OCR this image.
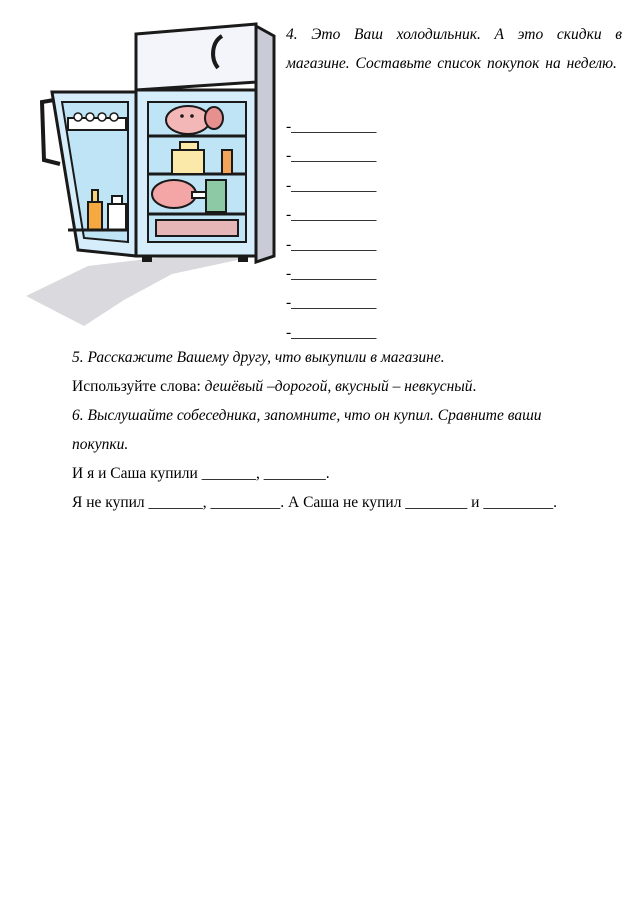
4. Это Ваш холодильник. А это скидки в магазине. Составьте список покупок на неделю.

-___________
-___________
-___________
-___________
-___________
-___________
-___________
-___________

5. Расскажите Вашему другу, что выкупили в магазине.

Используйте слова: дешёвый –дорогой, вкусный – невкусный.

6. Выслушайте собеседника, запомните, что он купил. Сравните ваши

покупки.

И я и Саша купили _______, ________.

Я не купил _______, _________. А Саша не купил ________ и _________.
